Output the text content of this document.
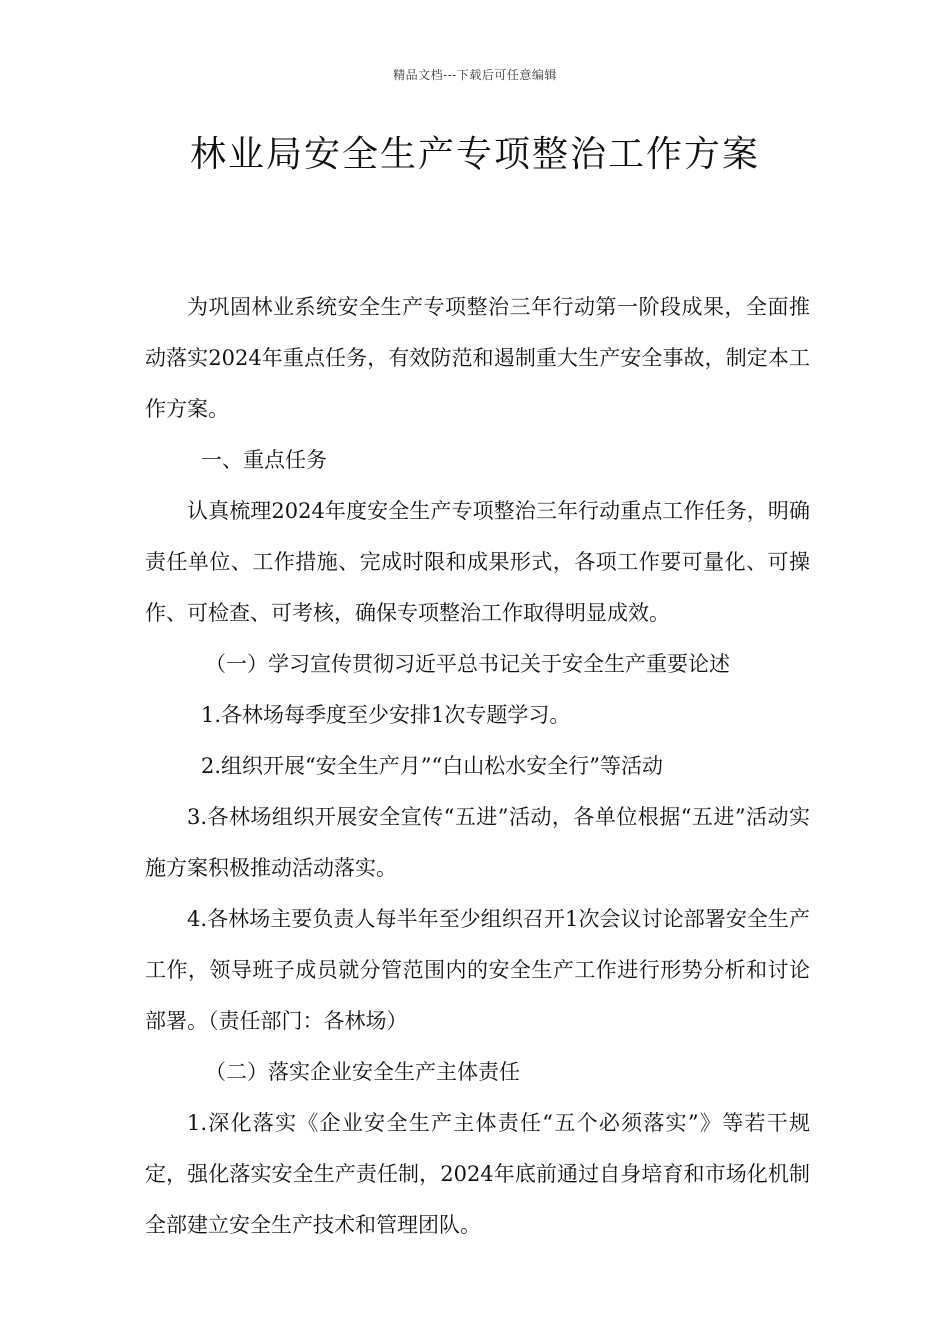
精品文档---下载后可任意编辑
林业局安全生产专项整治工作方案

为巩固林业系统安全生产专项整治三年行动第一阶段成果，全面推动落实2024年重点任务，有效防范和遏制重大生产安全事故，制定本工作方案。

一、重点任务

认真梳理2024年度安全生产专项整治三年行动重点工作任务，明确责任单位、工作措施、完成时限和成果形式，各项工作要可量化、可操作、可检查、可考核，确保专项整治工作取得明显成效。

（一）学习宣传贯彻习近平总书记关于安全生产重要论述

1.各林场每季度至少安排1次专题学习。

2.组织开展“安全生产月”“白山松水安全行”等活动

3.各林场组织开展安全宣传“五进”活动，各单位根据“五进”活动实施方案积极推动活动落实。

4.各林场主要负责人每半年至少组织召开1次会议讨论部署安全生产工作，领导班子成员就分管范围内的安全生产工作进行形势分析和讨论部署。（责任部门：各林场）

（二）落实企业安全生产主体责任

1.深化落实《企业安全生产主体责任“五个必须落实”》等若干规定，强化落实安全生产责任制，2024年底前通过自身培育和市场化机制全部建立安全生产技术和管理团队。
